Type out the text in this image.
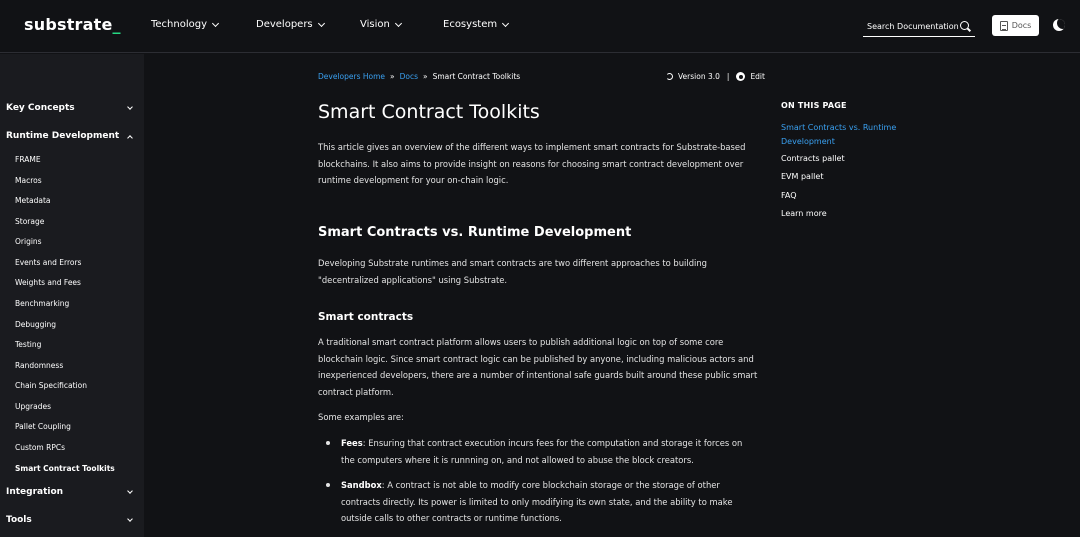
substrate_	Technology	Developers	Vision	Ecosystem	Search Documentation	Docs
Key Concepts
Runtime Development
FRAME
Macros
Metadata
Storage
Origins
Events and Errors
Weights and Fees
Benchmarking
Debugging
Testing
Randomness
Chain Specification
Upgrades
Pallet Coupling
Custom RPCs
Smart Contract Toolkits
Integration
Tools
Developers Home » Docs » Smart Contract Toolkits	Version 3.0 |	Edit
Smart Contract Toolkits

This article gives an overview of the different ways to implement smart contracts for Substrate-based blockchains. It also aims to provide insight on reasons for choosing smart contract development over runtime development for your on-chain logic.

Smart Contracts vs. Runtime Development

Developing Substrate runtimes and smart contracts are two different approaches to building "decentralized applications" using Substrate.

Smart contracts

A traditional smart contract platform allows users to publish additional logic on top of some core blockchain logic. Since smart contract logic can be published by anyone, including malicious actors and inexperienced developers, there are a number of intentional safe guards built around these public smart contract platform.

Some examples are:

Fees: Ensuring that contract execution incurs fees for the computation and storage it forces on the computers where it is runnning on, and not allowed to abuse the block creators.
Sandbox: A contract is not able to modify core blockchain storage or the storage of other contracts directly. Its power is limited to only modifying its own state, and the ability to make outside calls to other contracts or runtime functions.
ON THIS PAGE
Smart Contracts vs. Runtime Development
Contracts pallet
EVM pallet
FAQ
Learn more
